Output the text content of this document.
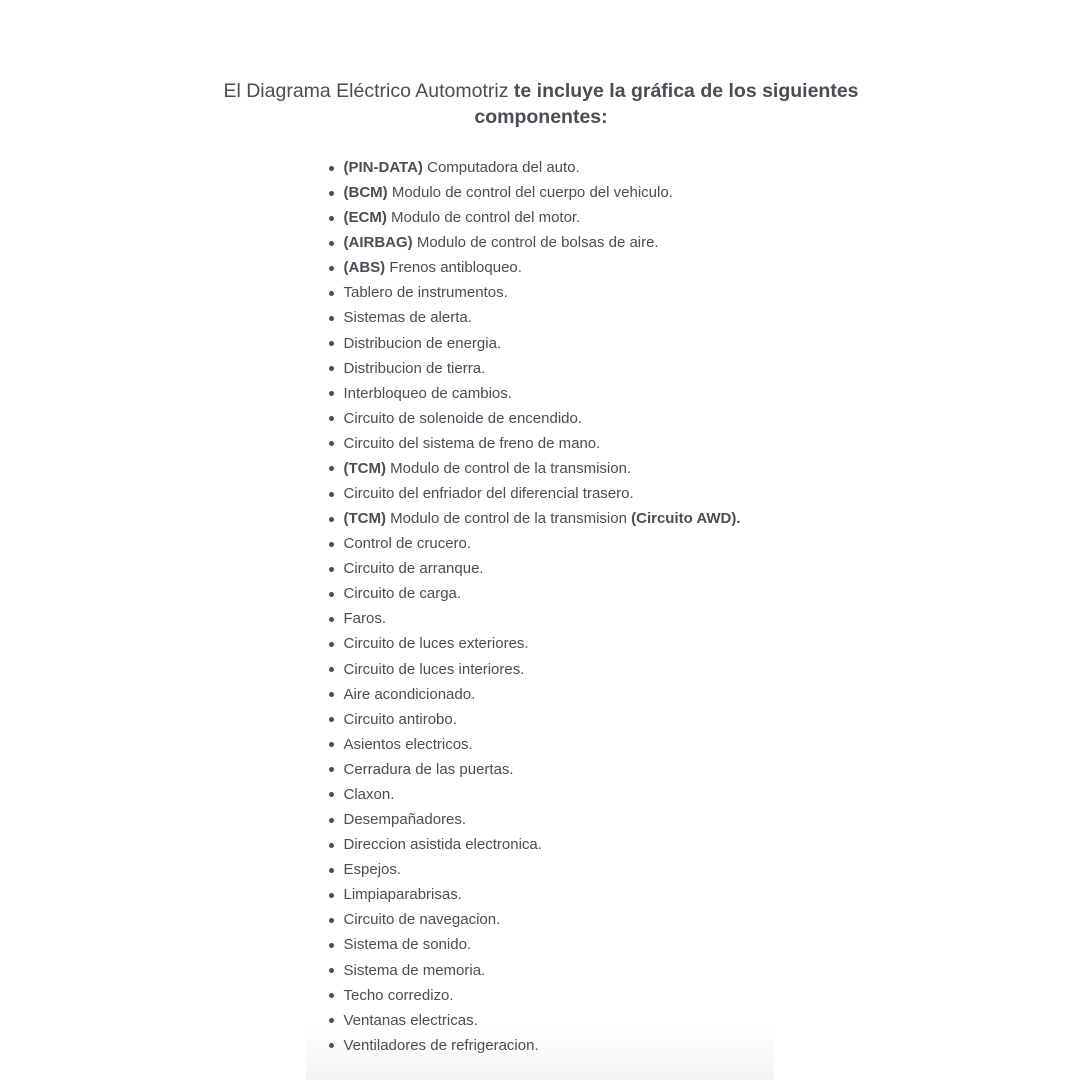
El Diagrama Eléctrico Automotriz te incluye la gráfica de los siguientes componentes:
(PIN-DATA) Computadora del auto.
(BCM) Modulo de control del cuerpo del vehiculo.
(ECM) Modulo de control del motor.
(AIRBAG) Modulo de control de bolsas de aire.
(ABS) Frenos antibloqueo.
Tablero de instrumentos.
Sistemas de alerta.
Distribucion de energia.
Distribucion de tierra.
Interbloqueo de cambios.
Circuito de solenoide de encendido.
Circuito del sistema de freno de mano.
(TCM) Modulo de control de la transmision.
Circuito del enfriador del diferencial trasero.
(TCM) Modulo de control de la transmision (Circuito AWD).
Control de crucero.
Circuito de arranque.
Circuito de carga.
Faros.
Circuito de luces exteriores.
Circuito de luces interiores.
Aire acondicionado.
Circuito antirobo.
Asientos electricos.
Cerradura de las puertas.
Claxon.
Desempañadores.
Direccion asistida electronica.
Espejos.
Limpiaparabrisas.
Circuito de navegacion.
Sistema de sonido.
Sistema de memoria.
Techo corredizo.
Ventanas electricas.
Ventiladores de refrigeracion.
